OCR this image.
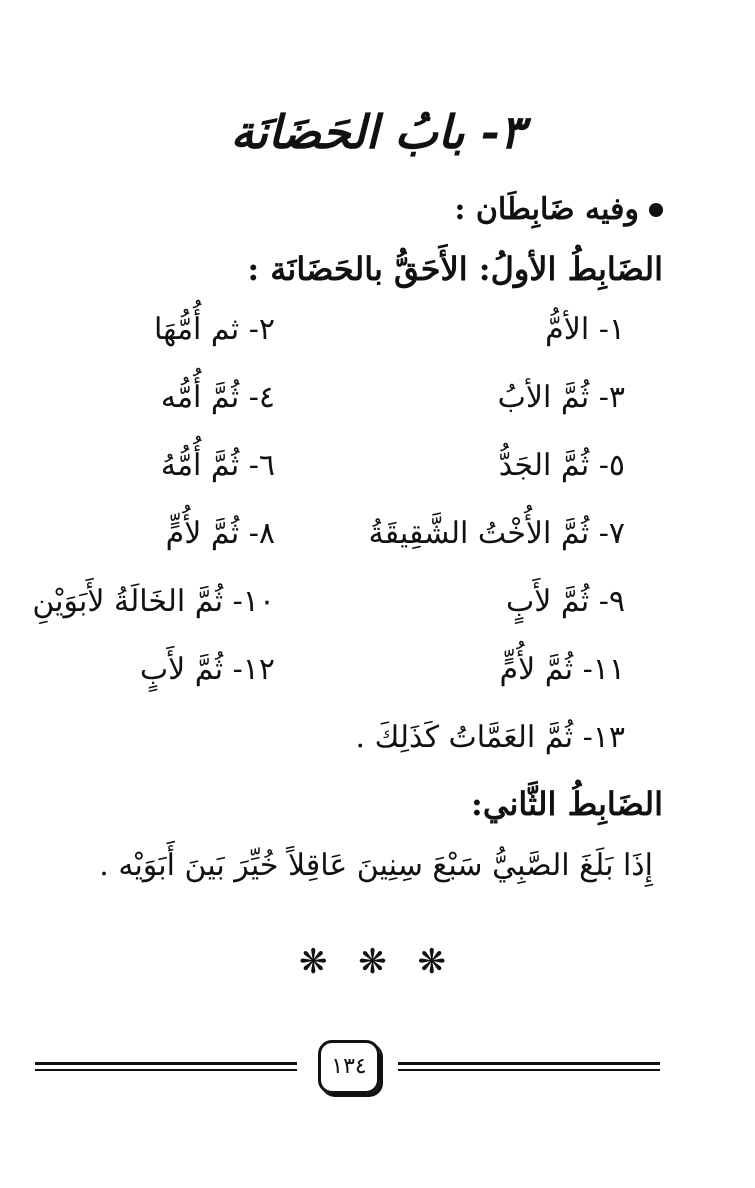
٣- بابُ الحَضَانَة
وفيه ضَابِطَان :
الضَابِطُ الأولُ: الأَحَقُّ بالحَضَانَة :
١- الأمُّ
٢- ثم أُمُّهَا
٣- ثُمَّ الأبُ
٤- ثُمَّ أُمُّه
٥- ثُمَّ الجَدُّ
٦- ثُمَّ أُمُّهُ
٧- ثُمَّ الأُخْتُ الشَّقِيقَةُ
٨- ثُمَّ لأُمٍّ
٩- ثُمَّ لأَبٍ
١٠- ثُمَّ الخَالَةُ لأَبَوَيْنِ
١١- ثُمَّ لأُمٍّ
١٢- ثُمَّ لأَبٍ
١٣- ثُمَّ العَمَّاتُ كَذَلِكَ .
الضَابِطُ الثَّاني:
إِذَا بَلَغَ الصَّبِيُّ سَبْعَ سِنِينَ عَاقِلاً خُيِّرَ بَينَ أَبَوَيْه .
❋ ❋ ❋
١٣٤
